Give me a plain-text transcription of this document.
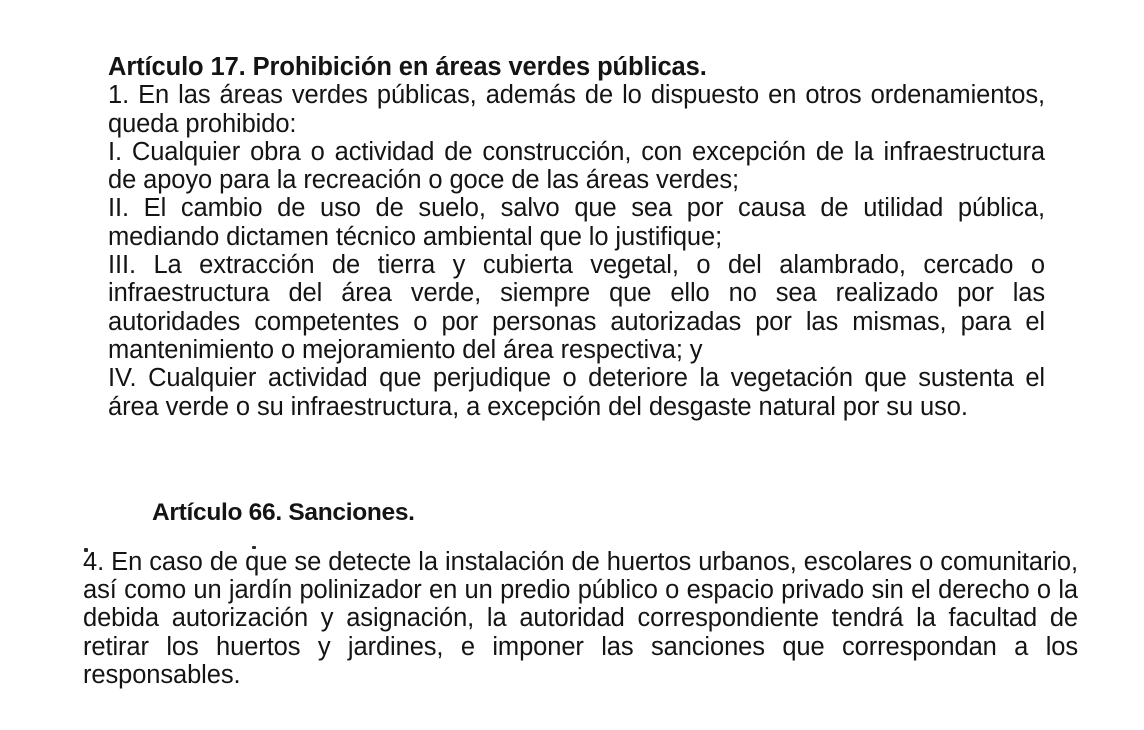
Artículo 17. Prohibición en áreas verdes públicas.

1. En las áreas verdes públicas, además de lo dispuesto en otros ordenamientos, queda prohibido:

I. Cualquier obra o actividad de construcción, con excepción de la infraestructura de apoyo para la recreación o goce de las áreas verdes;

II. El cambio de uso de suelo, salvo que sea por causa de utilidad pública, mediando dictamen técnico ambiental que lo justifique;

III. La extracción de tierra y cubierta vegetal, o del alambrado, cercado o infraestructura del área verde, siempre que ello no sea realizado por las autoridades competentes o por personas autorizadas por las mismas, para el mantenimiento o mejoramiento del área respectiva; y

IV. Cualquier actividad que perjudique o deteriore la vegetación que sustenta el área verde o su infraestructura, a excepción del desgaste natural por su uso.

Artículo 66. Sanciones.

4. En caso de que se detecte la instalación de huertos urbanos, escolares o comunitario, así como un jardín polinizador en un predio público o espacio privado sin el derecho o la debida autorización y asignación, la autoridad correspondiente tendrá la facultad de retirar los huertos y jardines, e imponer las sanciones que correspondan a los responsables.
